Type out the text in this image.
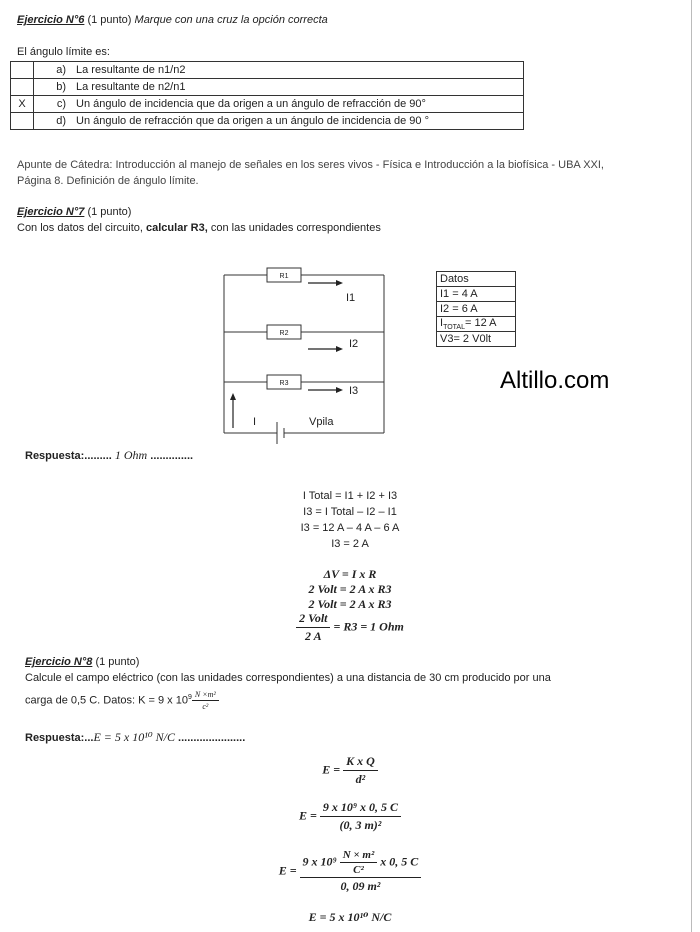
Ejercicio N°6 (1 punto) Marque con una cruz la opción correcta
El ángulo límite es:
	a)	La resultante de n1/n2
	b)	La resultante de n2/n1
X	c)	Un ángulo de incidencia que da origen a un ángulo de refracción de 90°
	d)	Un ángulo de refracción que da origen a un ángulo de incidencia de 90 °
Apunte de Cátedra: Introducción al manejo de señales en los seres vivos - Física e Introducción a la biofísica - UBA XXI,
Página 8. Definición de ángulo límite.
Ejercicio N°7 (1 punto)
Con los datos del circuito, calcular R3, con las unidades correspondientes
R1
R2
R3
I1
I2
I3
I	Vpila
Datos
I1 = 4 A
I2 = 6 A
$I_{TOTAL}= 12$ A
V3= 2 V0lt
Altillo.com
Respuesta:......... 1 Ohm ..............
I Total = I1 + I2 + I3
I3 = I Total – I2 – I1
I3 = 12 A – 4 A – 6 A
I3 = 2 A
ΔV = I x R
2 Volt = 2 A x R3
2 Volt = 2 A x R3
$\frac{\text{2 Volt}}{2 A} = R3 = 1$ Ohm
Ejercicio N°8 (1 punto)
Calcule el campo eléctrico (con las unidades correspondientes) a una distancia de 30 cm producido por una
carga de 0,5 C. Datos: K = 9 x $10^9 \frac{\text{N ×m²}}{\text{c²}}$
Respuesta:...E = 5 x 10¹⁰ N/C ......................
$E = \frac{\text{K x Q}}{\text{d²}}$
$E = \frac{\text{9 x 10⁹ x 0, 5 C}}{\text{(0, 3 m)²}}$
$E = \frac{9 x 10^9 \frac{\text{N × m²}}{\text{C²}} x 0, 5 C}{\text{0, 09 m²}}$
E = 5 x 10¹⁰ N/C
